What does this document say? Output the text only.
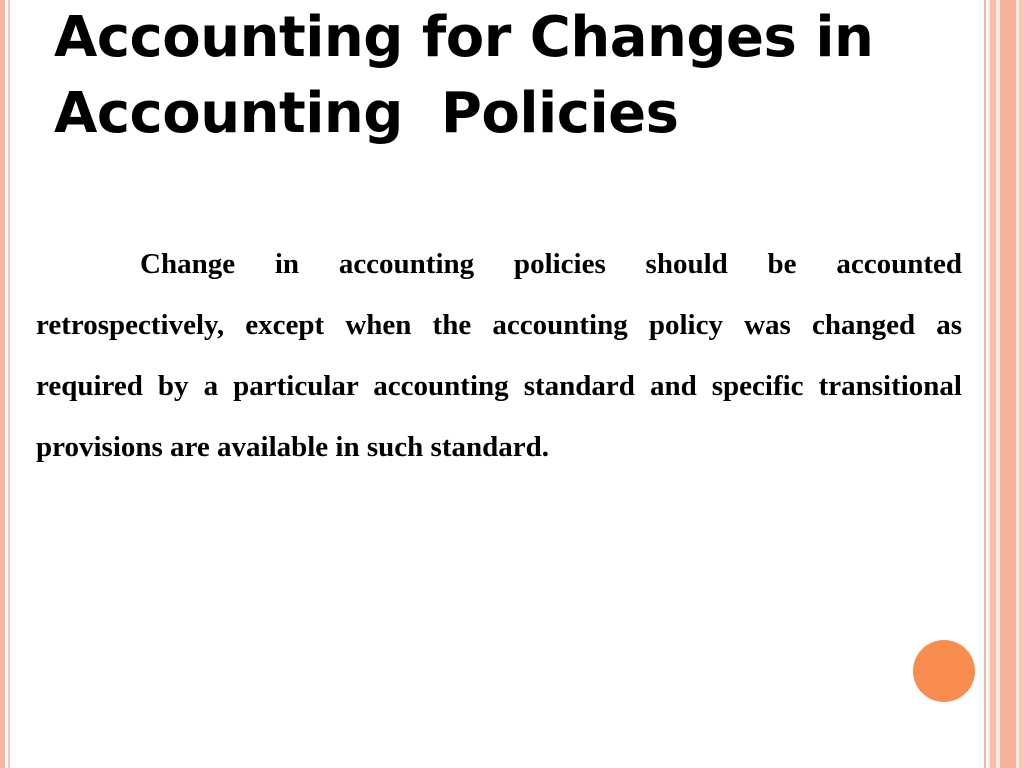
Accounting for Changes in
Accounting  Policies

Change in accounting policies should be accounted retrospectively, except when the accounting policy was changed as required by a particular accounting standard and specific transitional provisions are available in such standard.
